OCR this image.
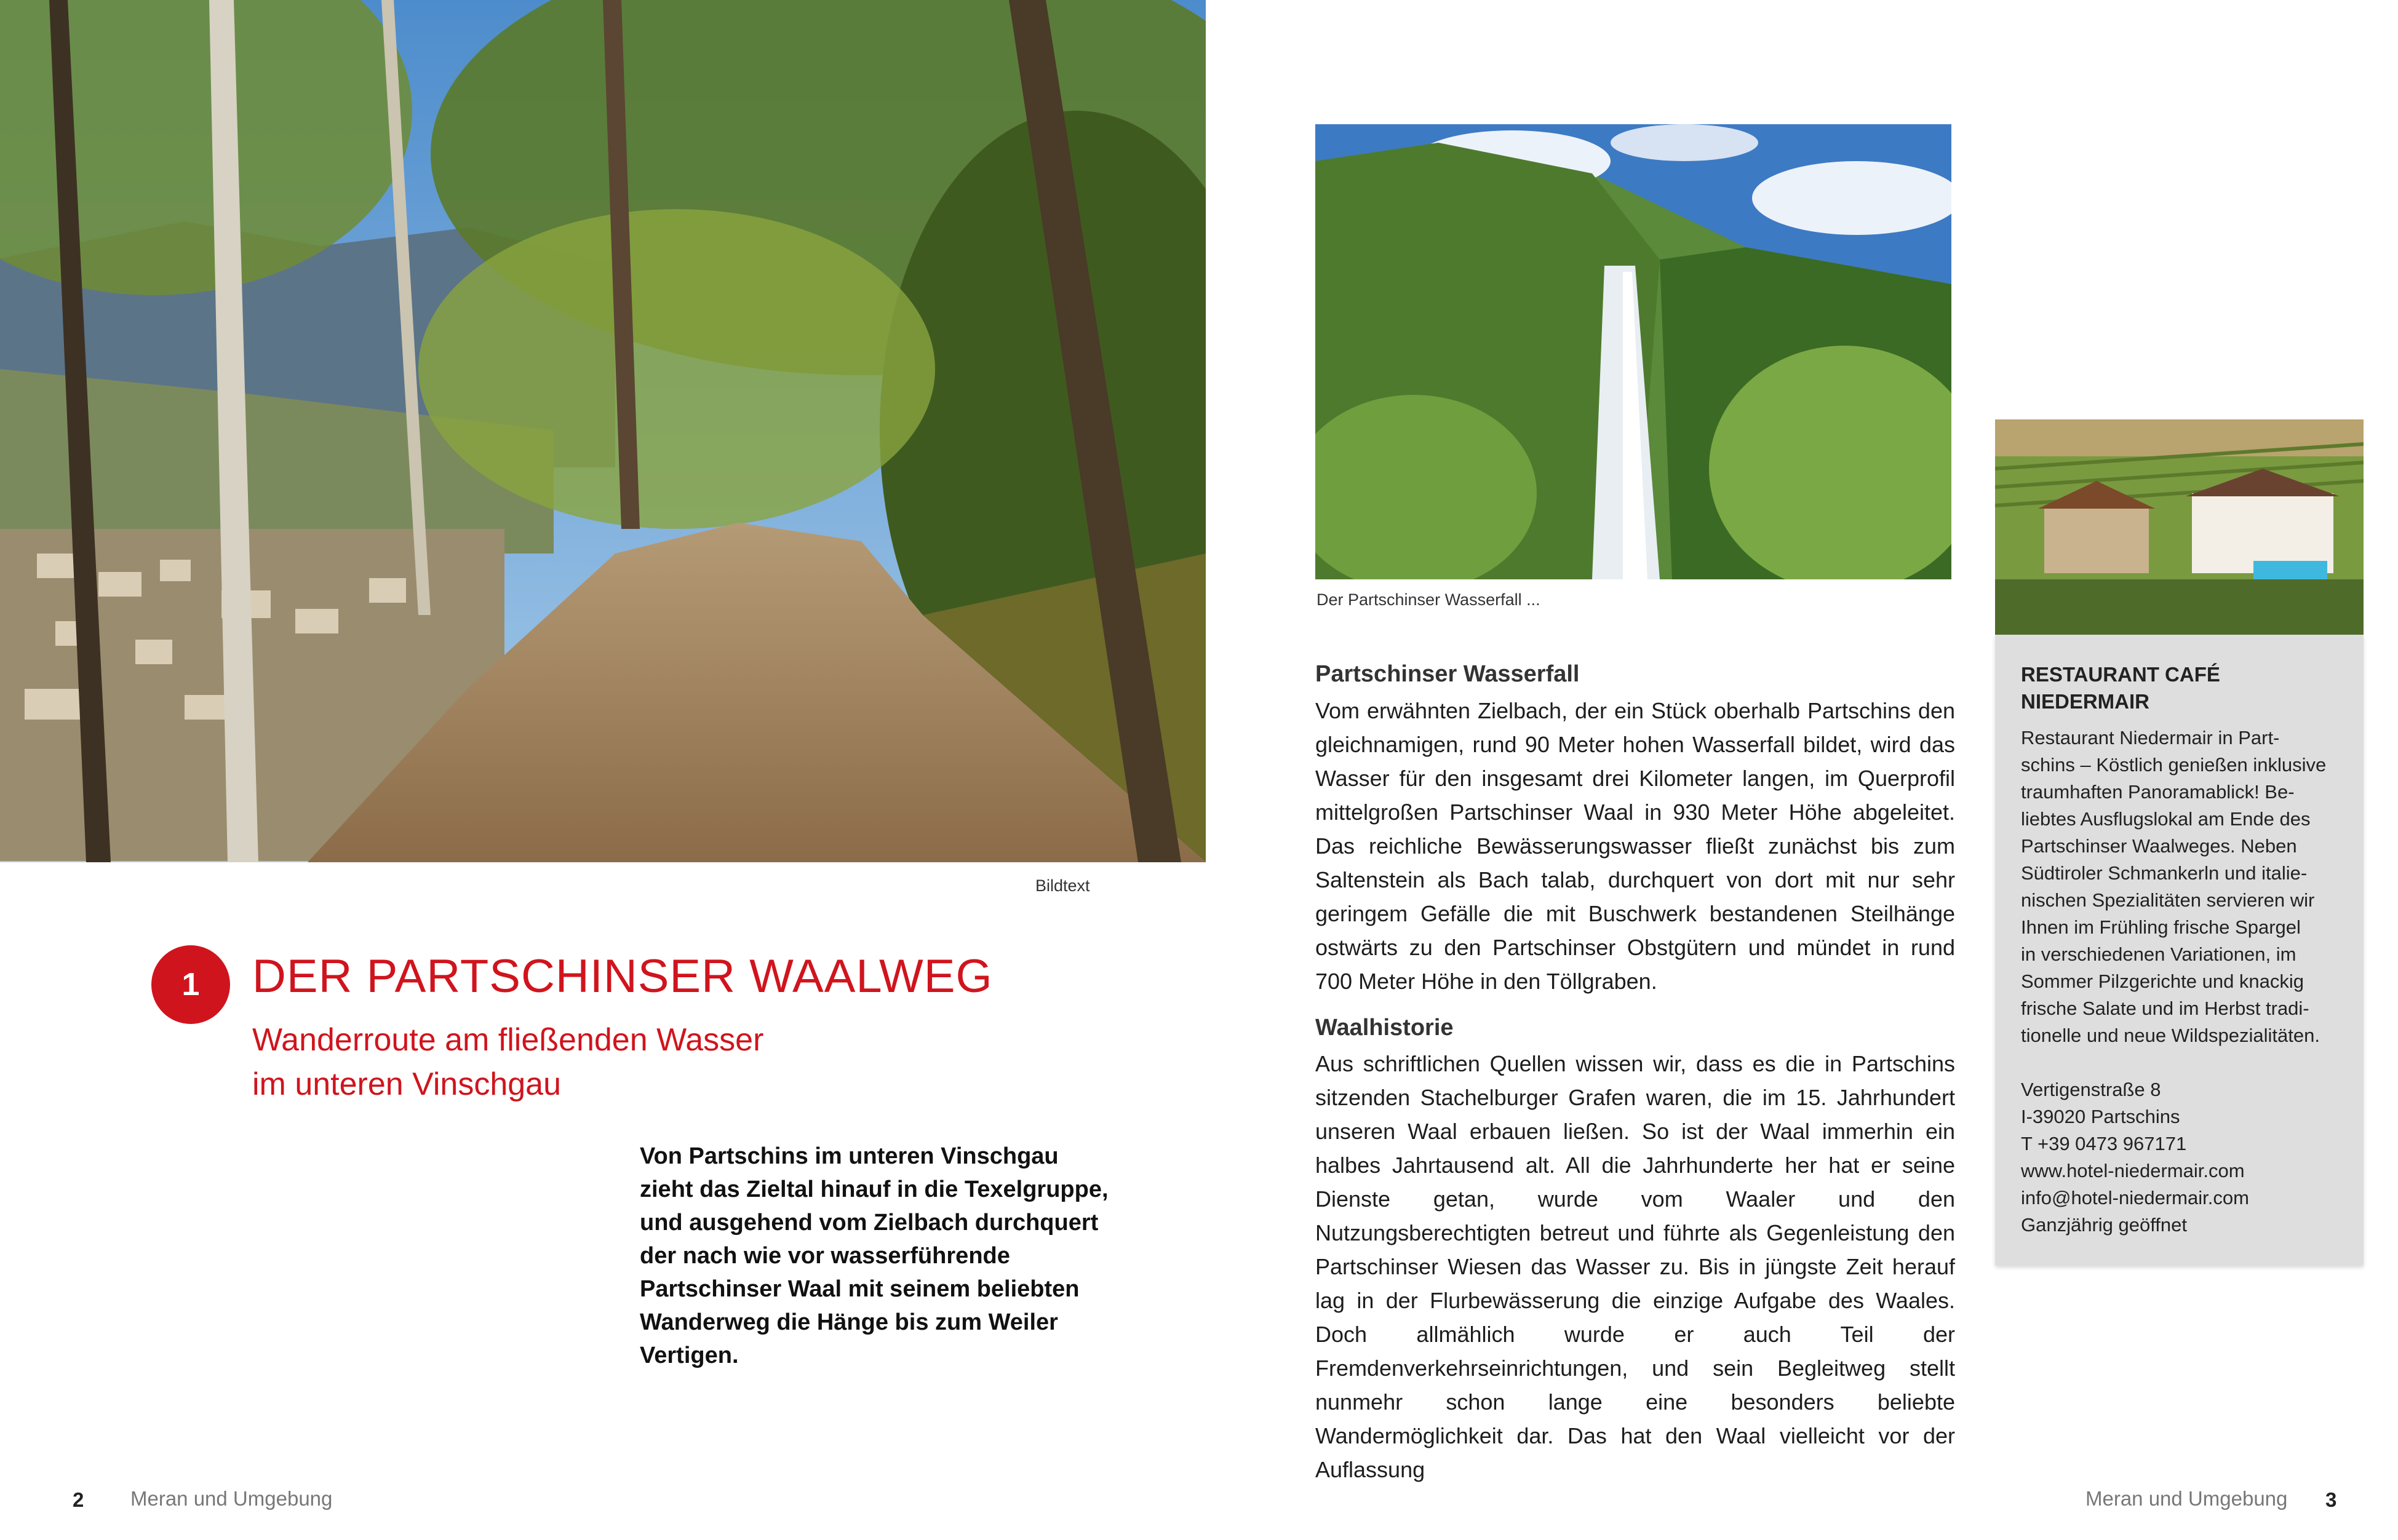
Bildtext
1	DER PARTSCHINSER WAALWEG
Wanderroute am fließenden Wasser
im unteren Vinschgau
Von Partschins im unteren Vinschgau
zieht das Zieltal hinauf in die Texelgruppe,
und ausgehend vom Zielbach durchquert
der nach wie vor wasserführende
Partschinser Waal mit seinem beliebten
Wanderweg die Hänge bis zum Weiler
Vertigen.
2 Meran und Umgebung
Der Partschinser Wasserfall ...
Partschinser Wasserfall
Vom erwähnten Zielbach, der ein Stück oberhalb Partschins den gleichnamigen, rund 90 Meter hohen Wasserfall bildet, wird das Wasser für den insgesamt drei Kilometer langen, im Querprofil mittelgroßen Partschinser Waal in 930 Meter Höhe abgeleitet. Das reichliche Bewässerungswasser fließt zunächst bis zum Saltenstein als Bach talab, durchquert von dort mit nur sehr geringem Gefälle die mit Buschwerk bestandenen Steilhänge ostwärts zu den Partschinser Obstgütern und mündet in rund 700 Meter Höhe in den Töllgraben.
Waalhistorie
Aus schriftlichen Quellen wissen wir, dass es die in Partschins sitzenden Stachelburger Grafen waren, die im 15. Jahrhundert unseren Waal erbauen ließen. So ist der Waal immerhin ein halbes Jahrtausend alt. All die Jahrhunderte her hat er seine Dienste getan, wurde vom Waaler und den Nutzungsberechtigten betreut und führte als Gegenleistung den Partschinser Wiesen das Wasser zu. Bis in jüngste Zeit herauf lag in der Flurbewässerung die einzige Aufgabe des Waales. Doch allmählich wurde er auch Teil der Fremdenverkehrseinrichtungen, und sein Begleitweg stellt nunmehr schon lange eine besonders beliebte Wandermöglichkeit dar. Das hat den Waal vielleicht vor der Auflassung
RESTAURANT CAFÉ
NIEDERMAIR
Restaurant Niedermair in Part-
schins – Köstlich genießen inklusive
traumhaften Panoramablick! Be-
liebtes Ausflugslokal am Ende des
Partschinser Waalweges. Neben
Südtiroler Schmankerln und italie-
nischen Spezialitäten servieren wir
Ihnen im Frühling frische Spargel
in verschiedenen Variationen, im
Sommer Pilzgerichte und knackig
frische Salate und im Herbst tradi-
tionelle und neue Wildspezialitäten.
Vertigenstraße 8
I-39020 Partschins
T +39 0473 967171
www.hotel-niedermair.com
info@hotel-niedermair.com
Ganzjährig geöffnet
Meran und Umgebung 3
